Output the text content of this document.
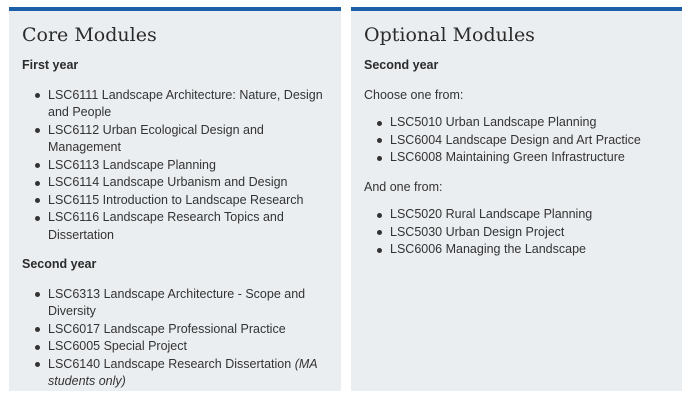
Core Modules
First year
LSC6111 Landscape Architecture: Nature, Design and People
LSC6112 Urban Ecological Design and Management
LSC6113 Landscape Planning
LSC6114 Landscape Urbanism and Design
LSC6115 Introduction to Landscape Research
LSC6116 Landscape Research Topics and Dissertation
Second year
LSC6313 Landscape Architecture - Scope and Diversity
LSC6017 Landscape Professional Practice
LSC6005 Special Project
LSC6140 Landscape Research Dissertation (MA students only)
Optional Modules
Second year

Choose one from:

LSC5010 Urban Landscape Planning
LSC6004 Landscape Design and Art Practice
LSC6008 Maintaining Green Infrastructure

And one from:

LSC5020 Rural Landscape Planning
LSC5030 Urban Design Project
LSC6006 Managing the Landscape
